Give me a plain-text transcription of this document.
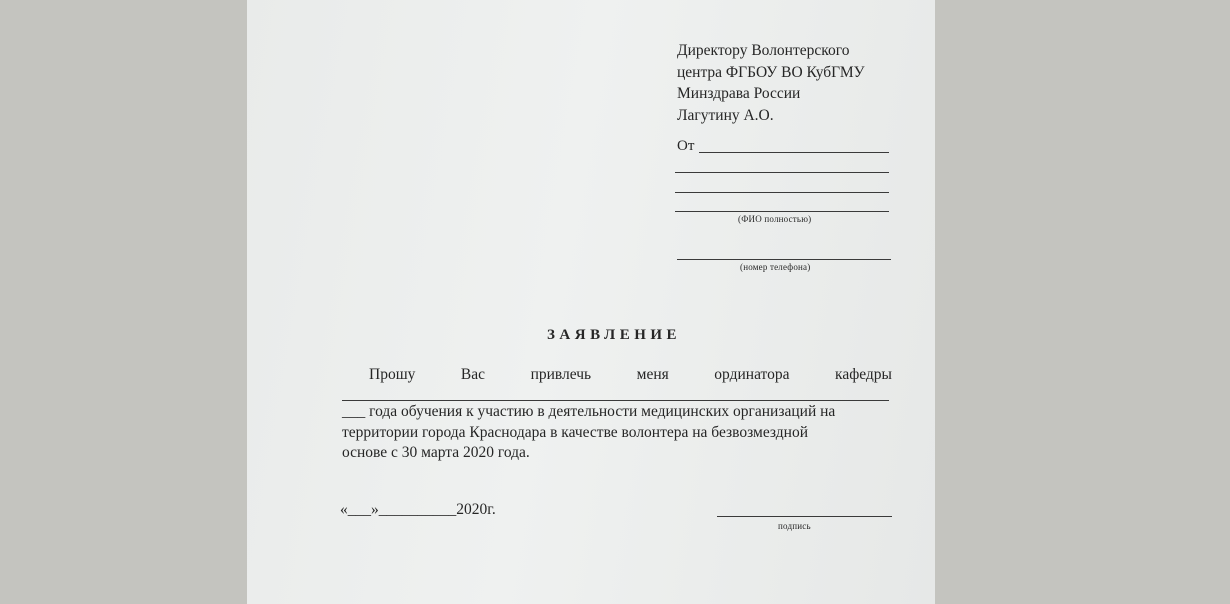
Директору Волонтерского
центра ФГБОУ ВО КубГМУ
Минздрава России
Лагутину А.О.
От
(ФИО полностью)
(номер телефона)
ЗАЯВЛЕНИЕ
Прошу	Вас	привлечь	меня	ординатора	кафедры
___ года обучения к участию в деятельности медицинских организаций на
территории города Краснодара в качестве волонтера на безвозмездной
основе с 30 марта 2020 года.
«___»__________2020г.
подпись
